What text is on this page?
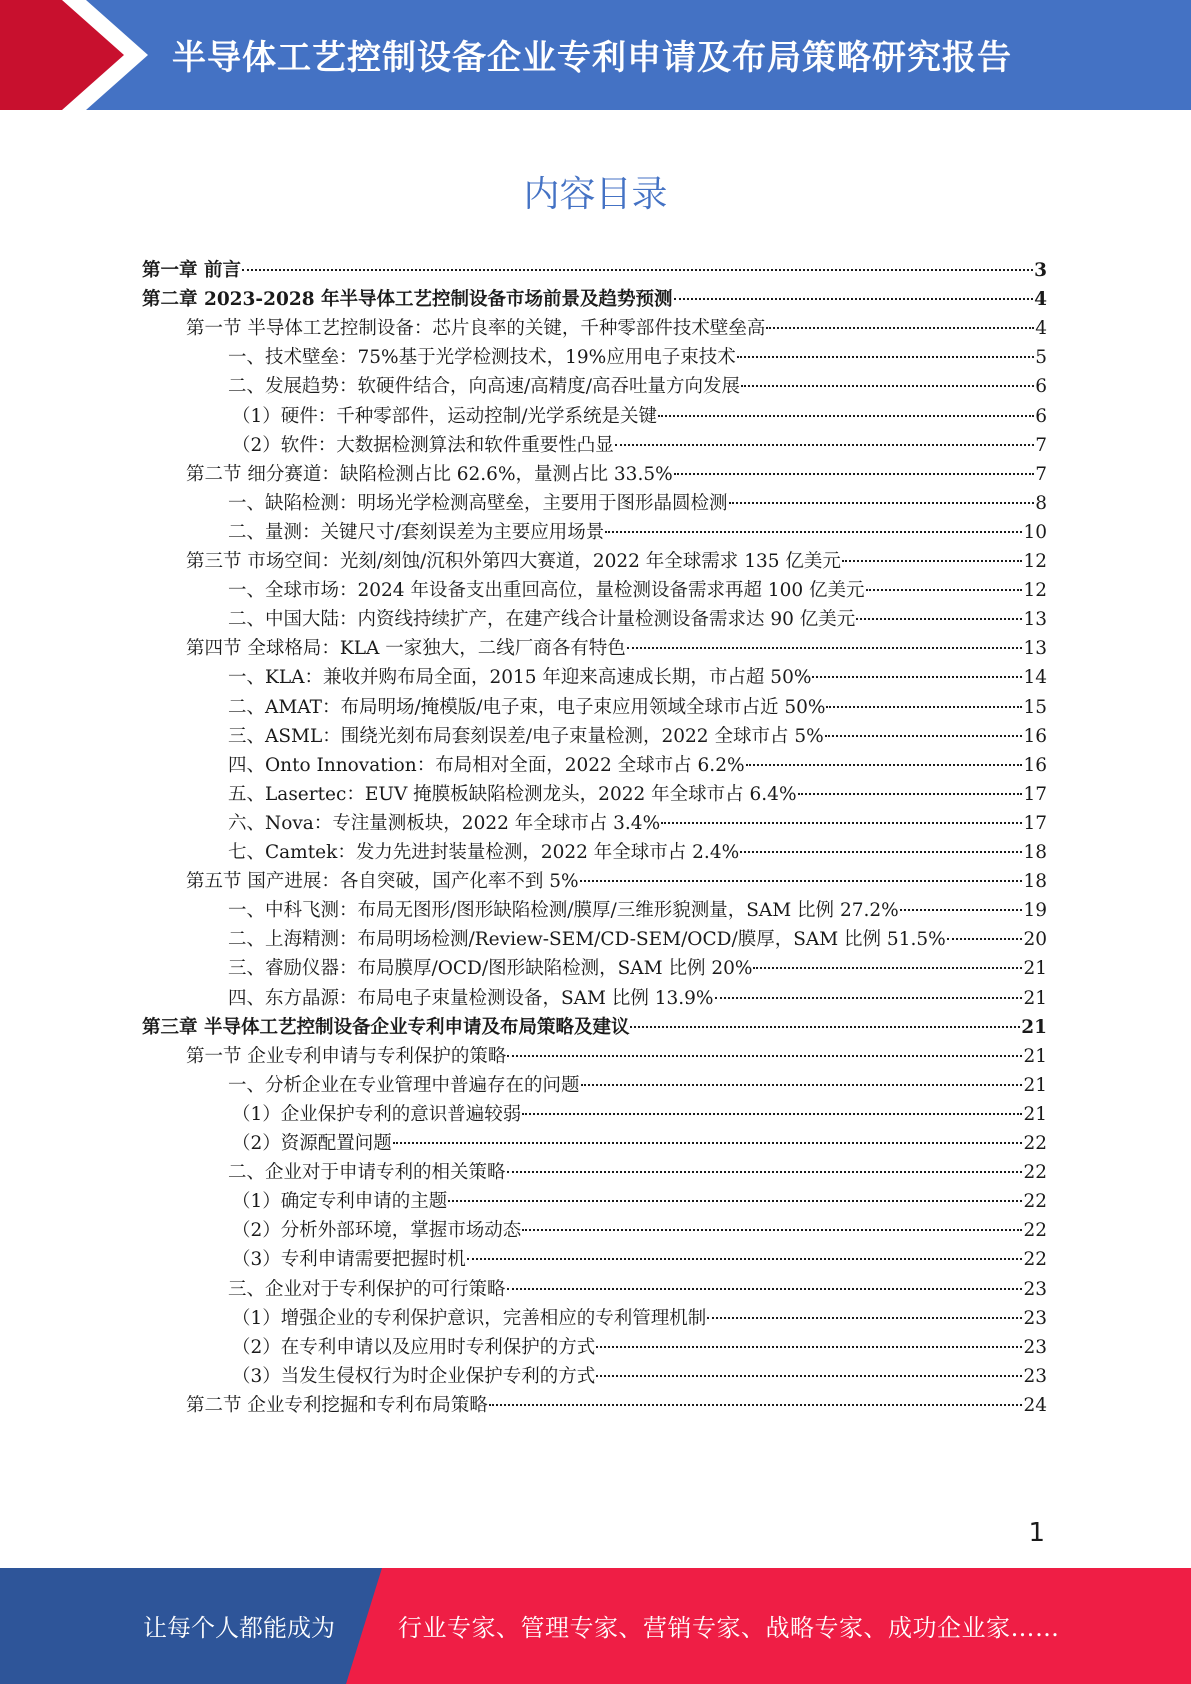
半导体工艺控制设备企业专利申请及布局策略研究报告
内容目录
第一章 前言	3
第二章 2023-2028 年半导体工艺控制设备市场前景及趋势预测	4
第一节 半导体工艺控制设备：芯片良率的关键，千种零部件技术壁垒高	4
一、技术壁垒：75%基于光学检测技术，19%应用电子束技术	5
二、发展趋势：软硬件结合，向高速/高精度/高吞吐量方向发展	6
（1）硬件：千种零部件，运动控制/光学系统是关键	6
（2）软件：大数据检测算法和软件重要性凸显	7
第二节 细分赛道：缺陷检测占比 62.6%，量测占比 33.5%	7
一、缺陷检测：明场光学检测高壁垒，主要用于图形晶圆检测	8
二、量测：关键尺寸/套刻误差为主要应用场景	10
第三节 市场空间：光刻/刻蚀/沉积外第四大赛道，2022 年全球需求 135 亿美元	12
一、全球市场：2024 年设备支出重回高位，量检测设备需求再超 100 亿美元	12
二、中国大陆：内资线持续扩产，在建产线合计量检测设备需求达 90 亿美元	13
第四节 全球格局：KLA 一家独大，二线厂商各有特色	13
一、KLA：兼收并购布局全面，2015 年迎来高速成长期，市占超 50%	14
二、AMAT：布局明场/掩模版/电子束，电子束应用领域全球市占近 50%	15
三、ASML：围绕光刻布局套刻误差/电子束量检测，2022 全球市占 5%	16
四、Onto Innovation：布局相对全面，2022 全球市占 6.2%	16
五、Lasertec：EUV 掩膜板缺陷检测龙头，2022 年全球市占 6.4%	17
六、Nova：专注量测板块，2022 年全球市占 3.4%	17
七、Camtek：发力先进封装量检测，2022 年全球市占 2.4%	18
第五节 国产进展：各自突破，国产化率不到 5%	18
一、中科飞测：布局无图形/图形缺陷检测/膜厚/三维形貌测量，SAM 比例 27.2%	19
二、上海精测：布局明场检测/Review-SEM/CD-SEM/OCD/膜厚，SAM 比例 51.5%	20
三、睿励仪器：布局膜厚/OCD/图形缺陷检测，SAM 比例 20%	21
四、东方晶源：布局电子束量检测设备，SAM 比例 13.9%	21
第三章 半导体工艺控制设备企业专利申请及布局策略及建议	21
第一节 企业专利申请与专利保护的策略	21
一、分析企业在专业管理中普遍存在的问题	21
（1）企业保护专利的意识普遍较弱	21
（2）资源配置问题	22
二、企业对于申请专利的相关策略	22
（1）确定专利申请的主题	22
（2）分析外部环境，掌握市场动态	22
（3）专利申请需要把握时机	22
三、企业对于专利保护的可行策略	23
（1）增强企业的专利保护意识，完善相应的专利管理机制	23
（2）在专利申请以及应用时专利保护的方式	23
（3）当发生侵权行为时企业保护专利的方式	23
第二节 企业专利挖掘和专利布局策略	24
1
让每个人都能成为	行业专家、管理专家、营销专家、战略专家、成功企业家……
